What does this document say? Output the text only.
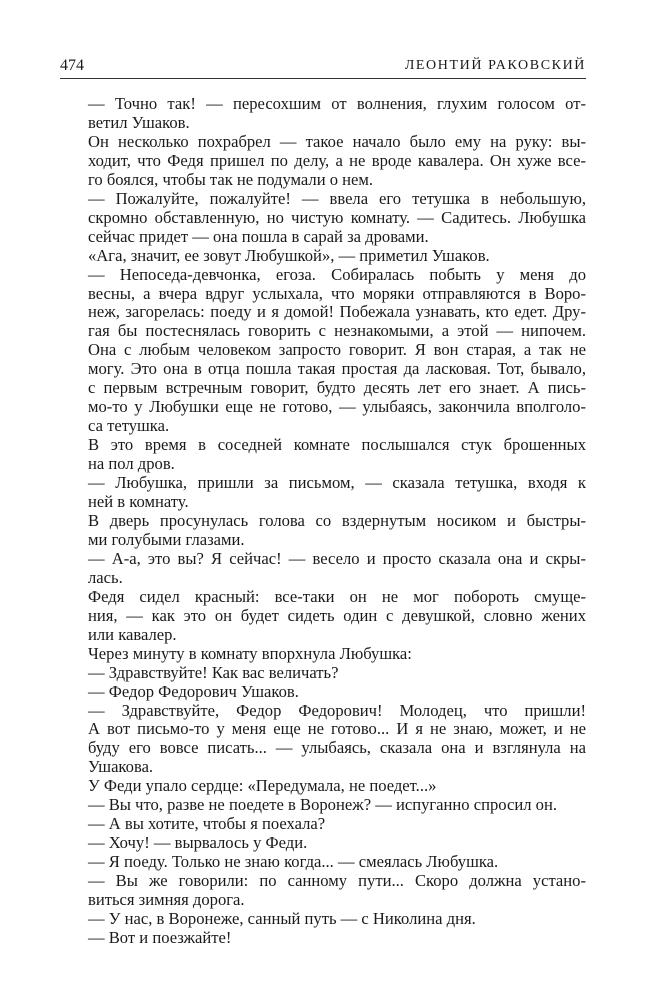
474	ЛЕОНТИЙ РАКОВСКИЙ

— Точно так! — пересохшим от волнения, глухим голосом от-
ветил Ушаков.

Он несколько похрабрел — такое начало было ему на руку: вы-
ходит, что Федя пришел по делу, а не вроде кавалера. Он хуже все-
го боялся, чтобы так не подумали о нем.

— Пожалуйте, пожалуйте! — ввела его тетушка в небольшую,
скромно обставленную, но чистую комнату. — Садитесь. Любушка
сейчас придет — она пошла в сарай за дровами.

«Ага, значит, ее зовут Любушкой», — приметил Ушаков.

— Непоседа-девчонка, егоза. Собиралась побыть у меня до
весны, а вчера вдруг услыхала, что моряки отправляются в Воро-
неж, загорелась: поеду и я домой! Побежала узнавать, кто едет. Дру-
гая бы постеснялась говорить с незнакомыми, а этой — нипочем.
Она с любым человеком запросто говорит. Я вон старая, а так не
могу. Это она в отца пошла такая простая да ласковая. Тот, бывало,
с первым встречным говорит, будто десять лет его знает. А пись-
мо-то у Любушки еще не готово, — улыбаясь, закончила вполголо-
са тетушка.

В это время в соседней комнате послышался стук брошенных
на пол дров.

— Любушка, пришли за письмом, — сказала тетушка, входя к
ней в комнату.

В дверь просунулась голова со вздернутым носиком и быстры-
ми голубыми глазами.

— А-а, это вы? Я сейчас! — весело и просто сказала она и скры-
лась.

Федя сидел красный: все-таки он не мог побороть смущe-
ния, — как это он будет сидеть один с девушкой, словно жених
или кавалер.

Через минуту в комнату впорхнула Любушка:

— Здравствуйте! Как вас величать?

— Федор Федорович Ушаков.

— Здравствуйте, Федор Федорович! Молодец, что пришли!
А вот письмо-то у меня еще не готово... И я не знаю, может, и не
буду его вовсе писать... — улыбаясь, сказала она и взглянула на
Ушакова.

У Феди упало сердце: «Передумала, не поедет...»

— Вы что, разве не поедете в Воронеж? — испуганно спросил он.

— А вы хотите, чтобы я поехала?

— Хочу! — вырвалось у Феди.

— Я поеду. Только не знаю когда... — смеялась Любушка.

— Вы же говорили: по санному пути... Скоро должна устано-
виться зимняя дорога.

— У нас, в Воронеже, санный путь — с Николина дня.

— Вот и поезжайте!
